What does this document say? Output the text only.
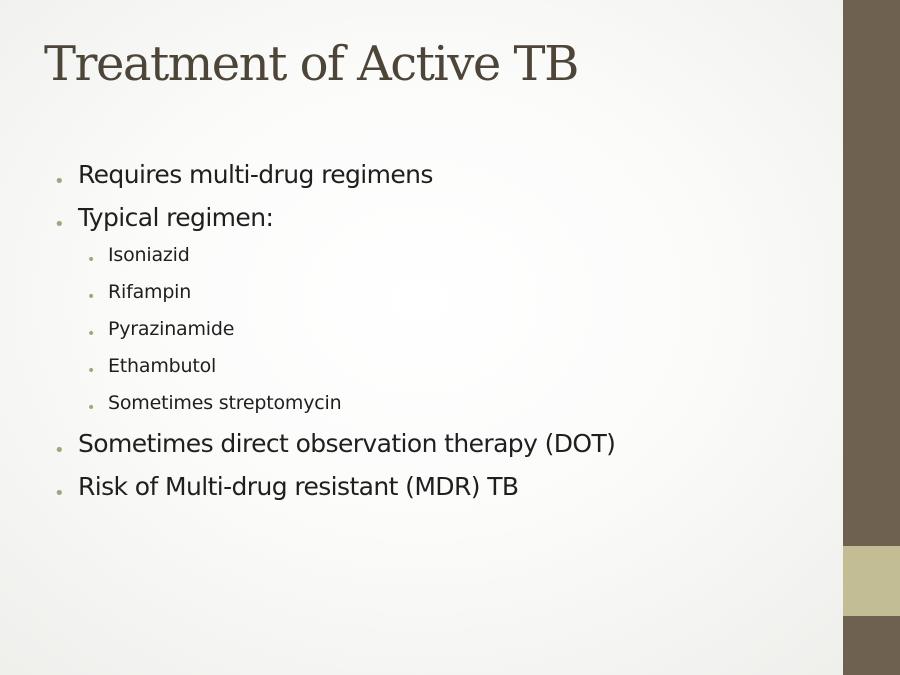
Treatment of Active TB
• Requires multi-drug regimens
• Typical regimen:
• Isoniazid
• Rifampin
• Pyrazinamide
• Ethambutol
• Sometimes streptomycin
• Sometimes direct observation therapy (DOT)
• Risk of Multi-drug resistant (MDR) TB
